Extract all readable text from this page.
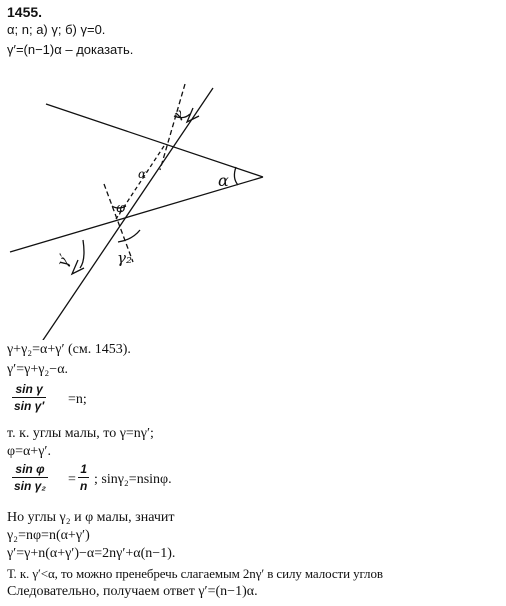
1455.
α; n; а) γ; б) γ=0.
γ′=(n−1)α – доказать.
α
γ
φ
α
γ′	γ₂
γ+γ₂=α+γ′ (см. 1453).
γ′=γ+γ₂−α.
sin γ
sin γ′ =n;
т. к. углы малы, то γ=nγ′;
φ=α+γ′.
sin φ
sin γ₂ =
1
n ; sinγ₂=nsinφ.
Но углы γ₂ и φ малы, значит
γ₂=nφ=n(α+γ′)
γ′=γ+n(α+γ′)−α=2nγ′+α(n−1).
Т. к. γ′<α, то можно пренебречь слагаемым 2nγ′ в силу малости углов
Следовательно, получаем ответ γ′=(n−1)α.
